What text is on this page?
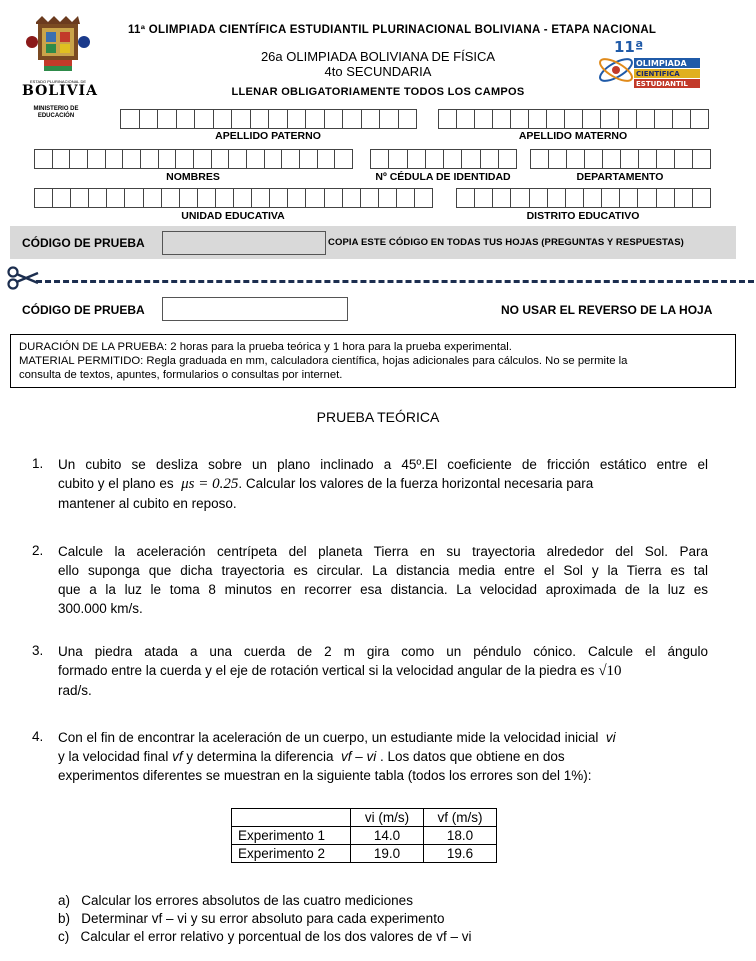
ESTADO PLURINACIONAL DE
BOLIVIA
MINISTERIO DE EDUCACIÓN
11ª OLIMPIADA CIENTÍFICA ESTUDIANTIL PLURINACIONAL BOLIVIANA - ETAPA NACIONAL
26a OLIMPIADA BOLIVIANA DE FÍSICA
4to SECUNDARIA
LLENAR OBLIGATORIAMENTE TODOS LOS CAMPOS
11ª
OLIMPIADA
CIENTÍFICA
ESTUDIANTIL
APELLIDO PATERNO	APELLIDO MATERNO
NOMBRES	Nº CÉDULA DE IDENTIDAD	DEPARTAMENTO
UNIDAD EDUCATIVA	DISTRITO EDUCATIVO
CÓDIGO DE PRUEBA	COPIA ESTE CÓDIGO EN TODAS TUS HOJAS (PREGUNTAS Y RESPUESTAS)
CÓDIGO DE PRUEBA	NO USAR EL REVERSO DE LA HOJA
DURACIÓN DE LA PRUEBA: 2 horas para la prueba teórica y 1 hora para la prueba experimental.
MATERIAL PERMITIDO: Regla graduada en mm, calculadora científica, hojas adicionales para cálculos. No se permite la
consulta de textos, apuntes, formularios o consultas por internet.
PRUEBA TEÓRICA
1. Un cubito se desliza sobre un plano inclinado a 45º.El coeficiente de fricción estático entre el
cubito y el plano es μs = 0.25. Calcular los valores de la fuerza horizontal necesaria para
mantener al cubito en reposo.
2. Calcule la aceleración centrípeta del planeta Tierra en su trayectoria alrededor del Sol. Para
ello suponga que dicha trayectoria es circular. La distancia media entre el Sol y la Tierra es tal
que a la luz le toma 8 minutos en recorrer esa distancia. La velocidad aproximada de la luz es
300.000 km/s.
3. Una piedra atada a una cuerda de 2 m gira como un péndulo cónico. Calcule el ángulo
formado entre la cuerda y el eje de rotación vertical si la velocidad angular de la piedra es √10
rad/s.
4. Con el fin de encontrar la aceleración de un cuerpo, un estudiante mide la velocidad inicial vi
y la velocidad final vf y determina la diferencia vf – vi . Los datos que obtiene en dos
experimentos diferentes se muestran en la siguiente tabla (todos los errores son del 1%):
	vi (m/s)	vf (m/s)
Experimento 1	14.0	18.0
Experimento 2	19.0	19.6
a) Calcular los errores absolutos de las cuatro mediciones
b) Determinar vf – vi y su error absoluto para cada experimento
c) Calcular el error relativo y porcentual de los dos valores de vf – vi
